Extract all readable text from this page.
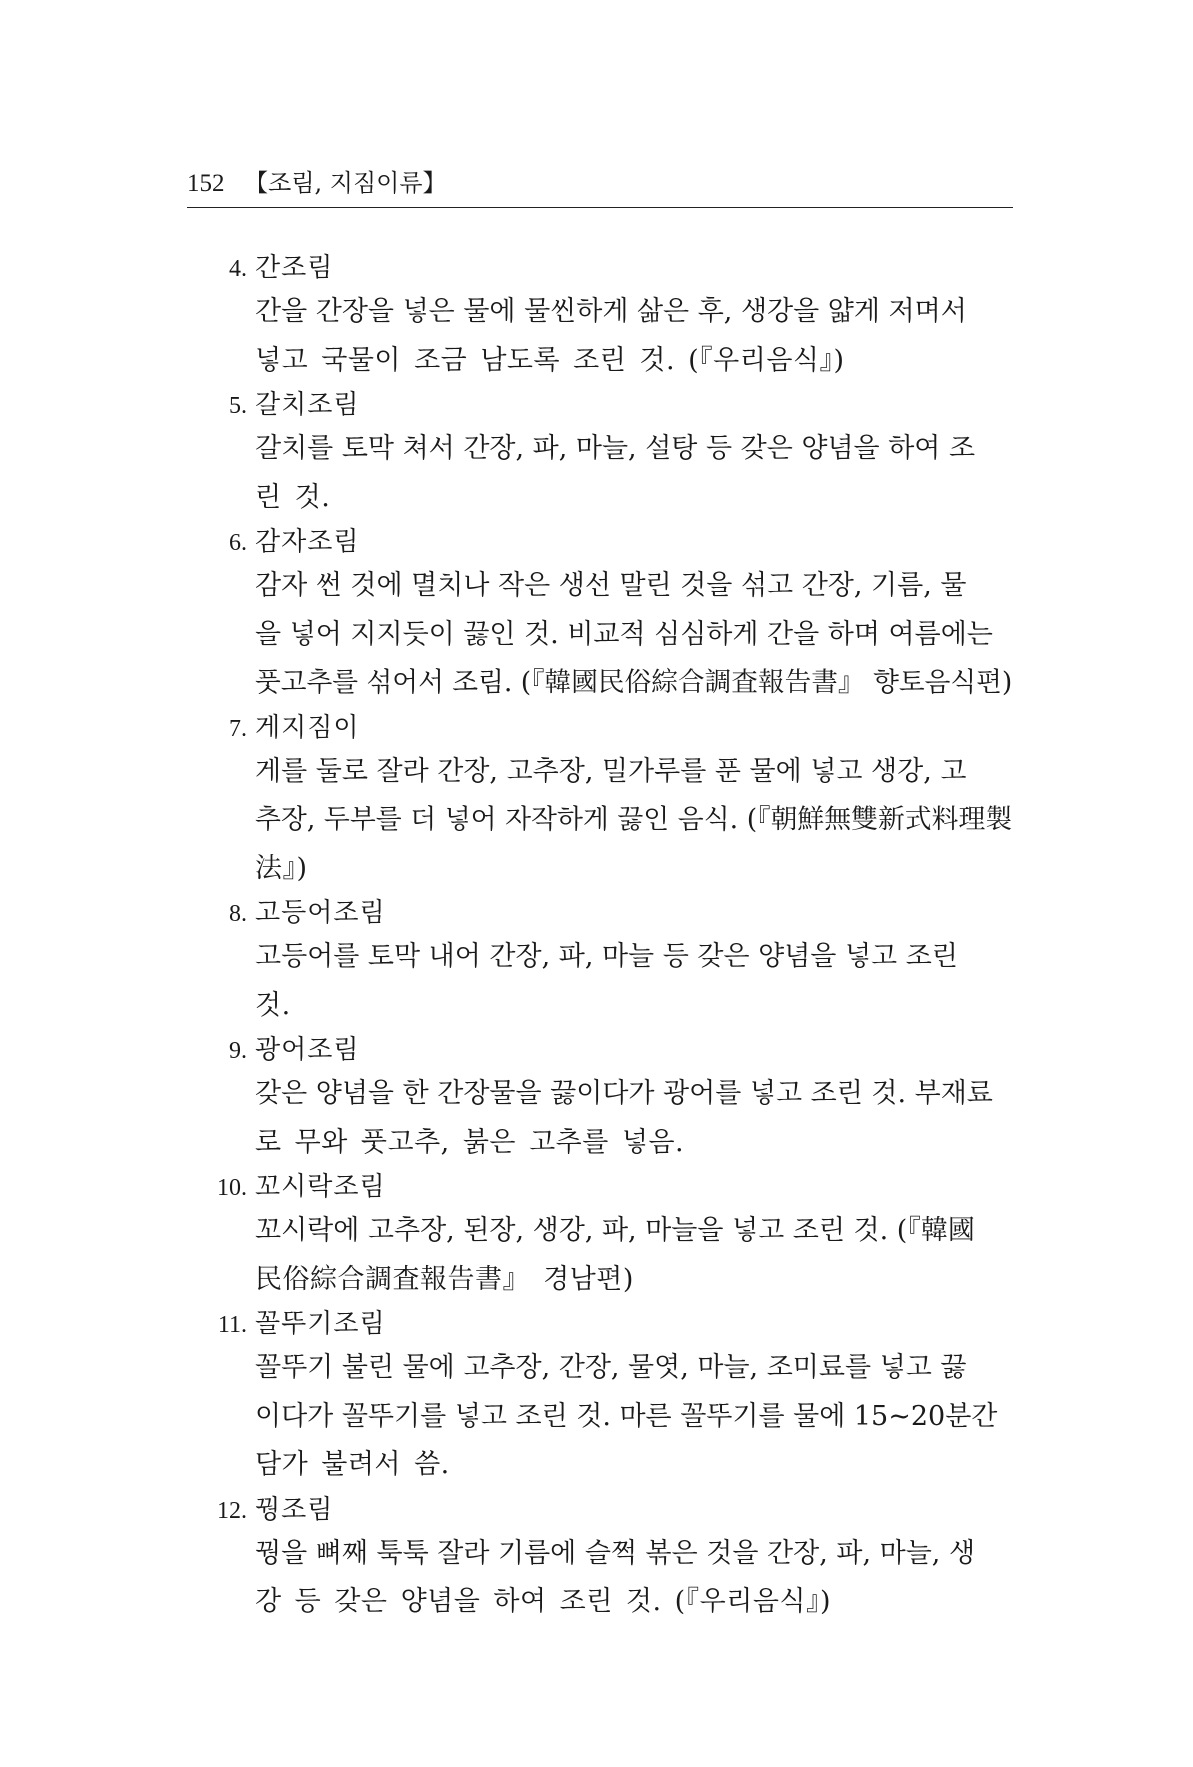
152 【조림, 지짐이류】
4. 간조림
간을 간장을 넣은 물에 물씬하게 삶은 후, 생강을 얇게 저며서
넣고 국물이 조금 남도록 조린 것. (『우리음식』)
5. 갈치조림
갈치를 토막 쳐서 간장, 파, 마늘, 설탕 등 갖은 양념을 하여 조
린 것.
6. 감자조림
감자 썬 것에 멸치나 작은 생선 말린 것을 섞고 간장, 기름, 물
을 넣어 지지듯이 끓인 것. 비교적 심심하게 간을 하며 여름에는
풋고추를 섞어서 조림. (『韓國民俗綜合調査報告書』 향토음식편)
7. 게지짐이
게를 둘로 잘라 간장, 고추장, 밀가루를 푼 물에 넣고 생강, 고
추장, 두부를 더 넣어 자작하게 끓인 음식. (『朝鮮無雙新式料理製
法』)
8. 고등어조림
고등어를 토막 내어 간장, 파, 마늘 등 갖은 양념을 넣고 조린
것.
9. 광어조림
갖은 양념을 한 간장물을 끓이다가 광어를 넣고 조린 것. 부재료
로 무와 풋고추, 붉은 고추를 넣음.
10. 꼬시락조림
꼬시락에 고추장, 된장, 생강, 파, 마늘을 넣고 조린 것. (『韓國
民俗綜合調査報告書』 경남편)
11. 꼴뚜기조림
꼴뚜기 불린 물에 고추장, 간장, 물엿, 마늘, 조미료를 넣고 끓
이다가 꼴뚜기를 넣고 조린 것. 마른 꼴뚜기를 물에 15~20분간
담가 불려서 씀.
12. 꿩조림
꿩을 뼈째 툭툭 잘라 기름에 슬쩍 볶은 것을 간장, 파, 마늘, 생
강 등 갖은 양념을 하여 조린 것. (『우리음식』)
